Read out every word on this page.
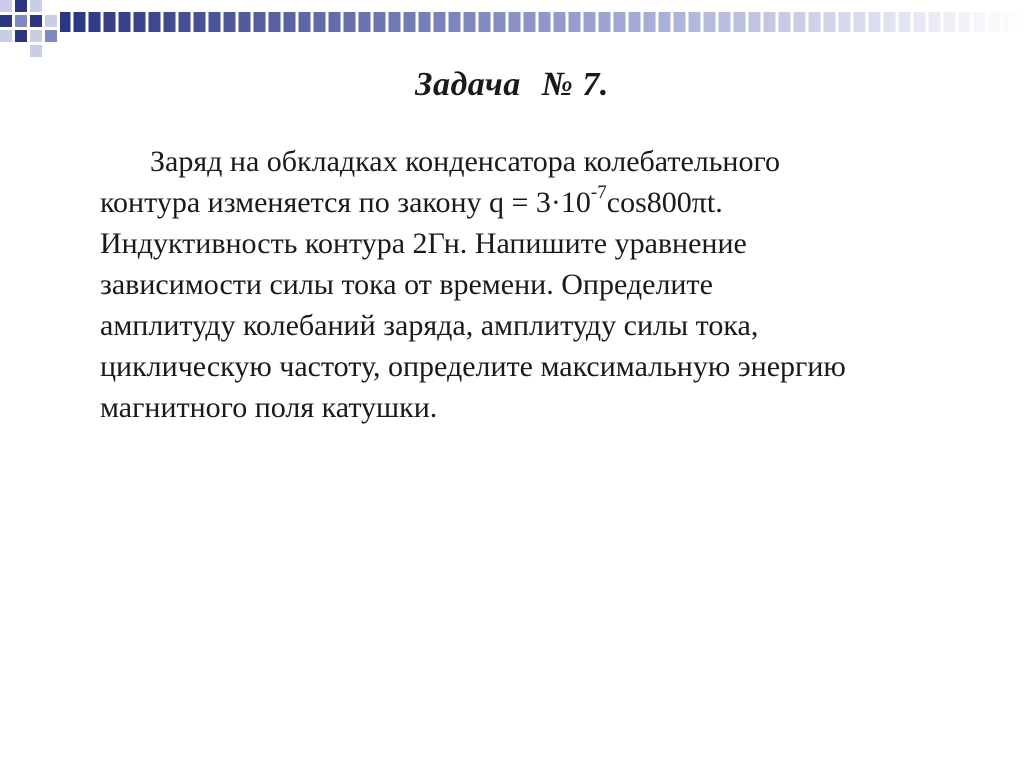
Задача № 7.

Заряд на обкладках конденсатора колебательного
контура изменяется по закону $q = 3\cdot 10^{-7}\cos 800\pi t$.
Индуктивность контура 2Гн. Напишите уравнение
зависимости силы тока от времени. Определите
амплитуду колебаний заряда, амплитуду силы тока,
циклическую частоту, определите максимальную энергию
магнитного поля катушки.
